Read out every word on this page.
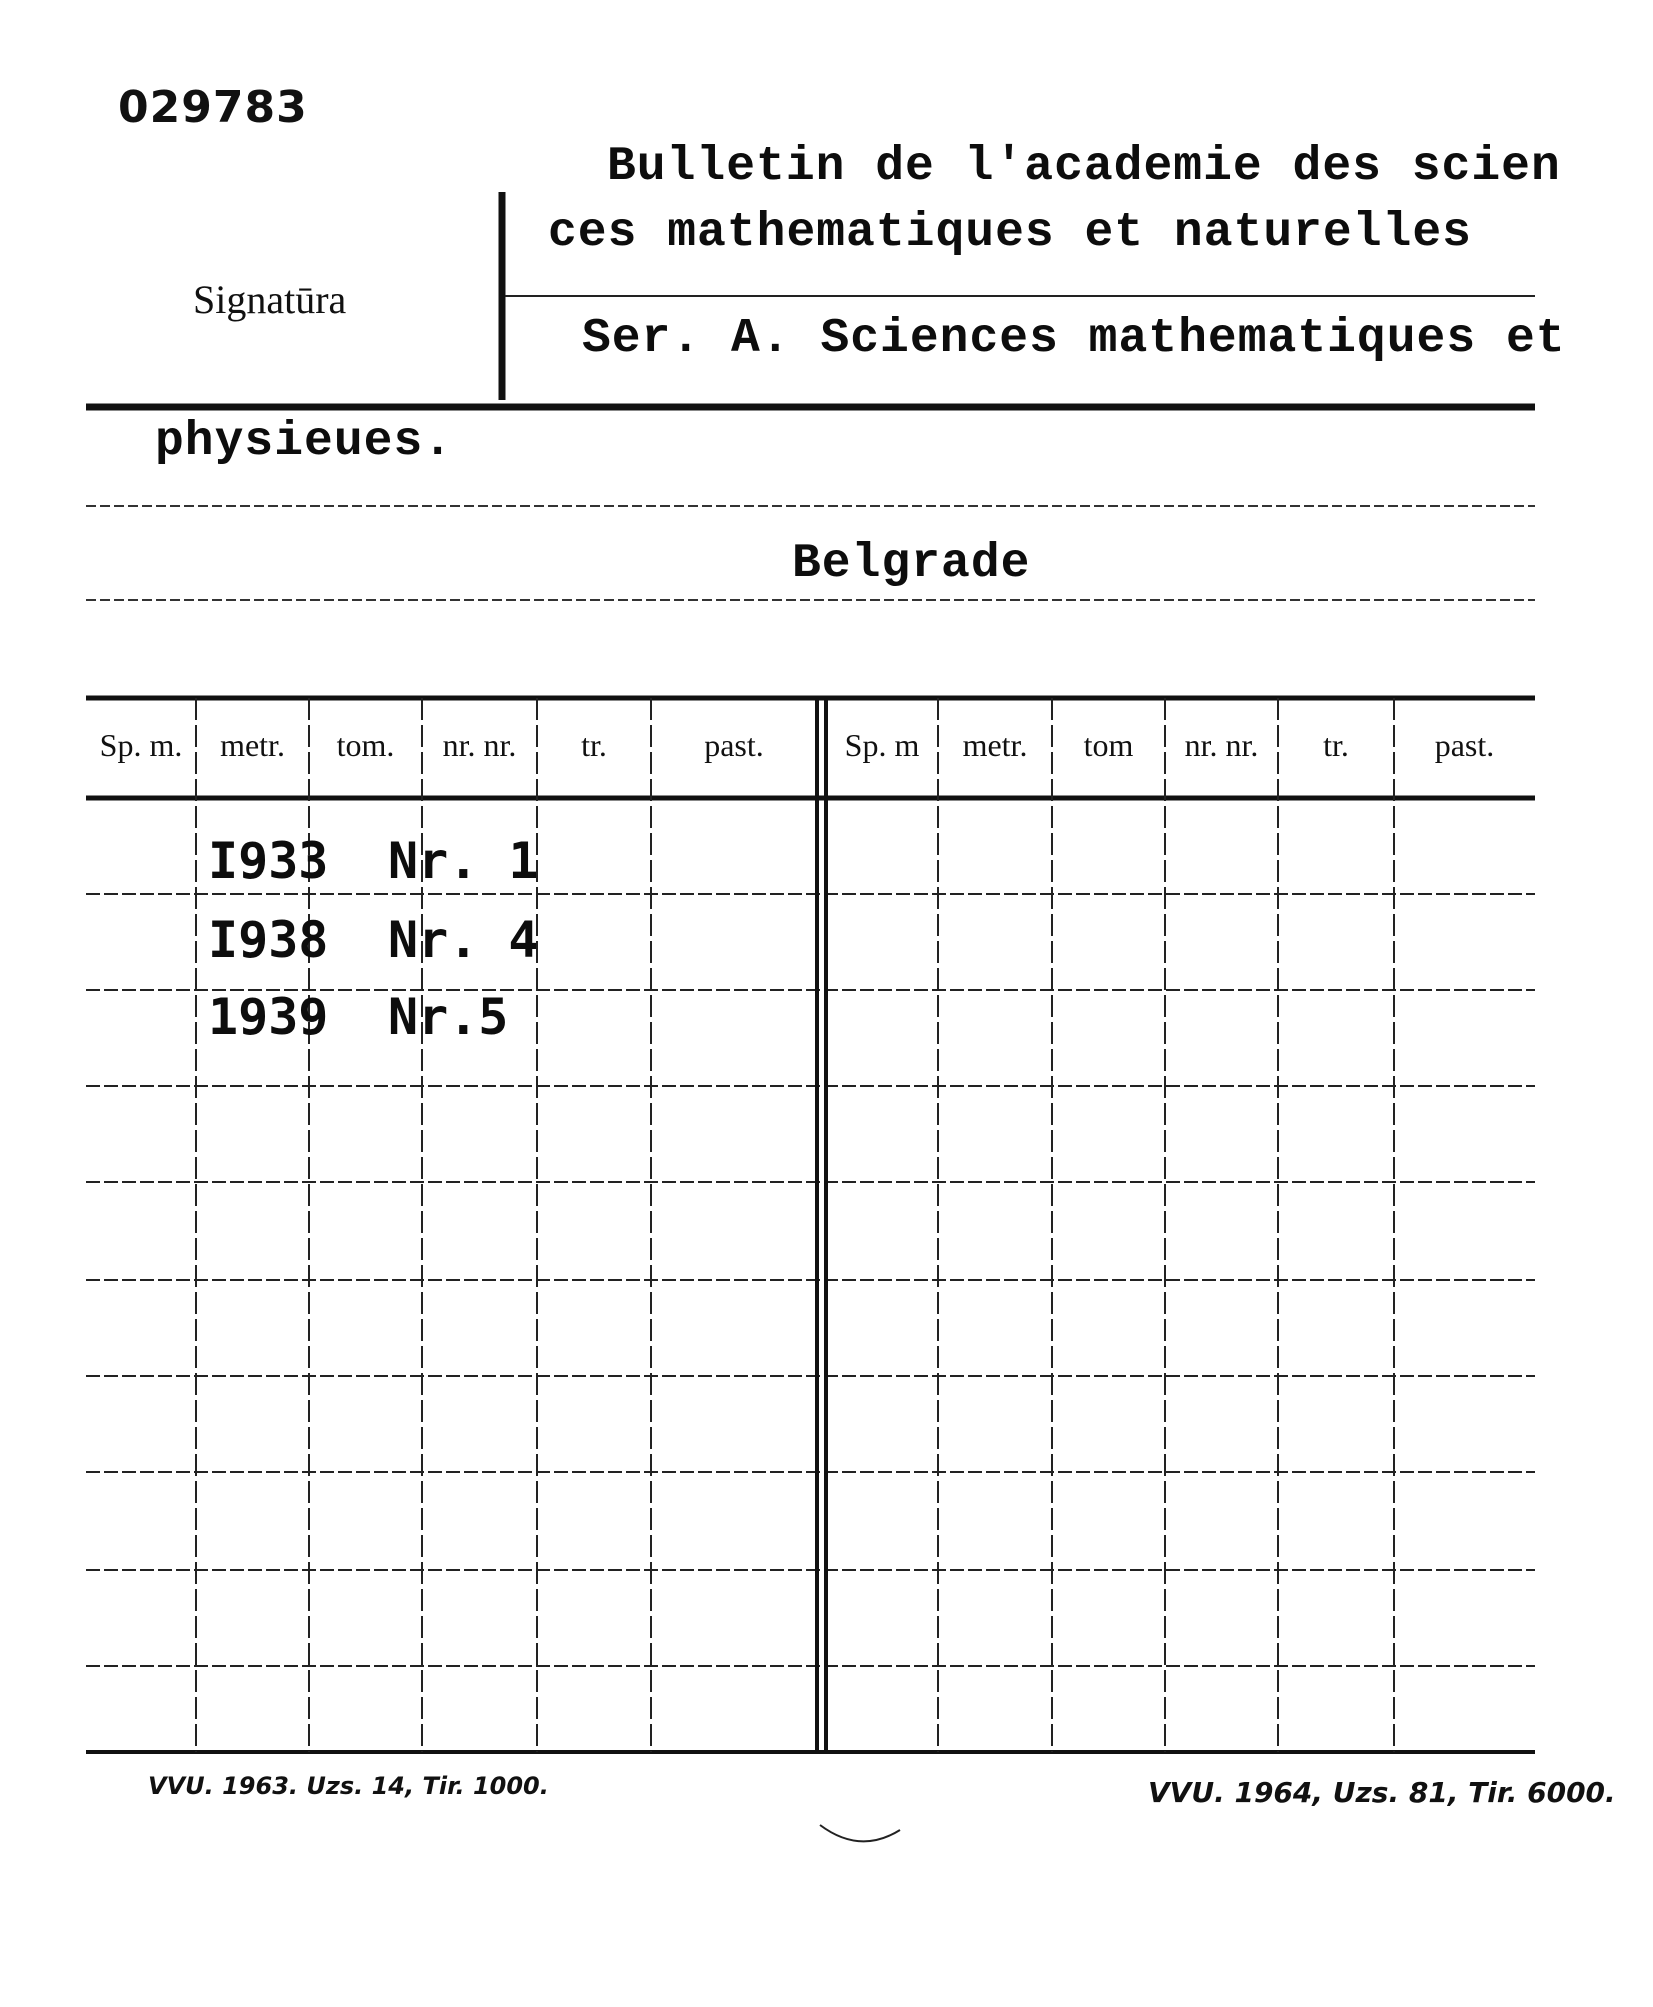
029783
Signatūra
Bulletin de l'academie des scien
ces mathematiques et naturelles
Ser. A. Sciences mathematiques et
physieues.
Belgrade
Sp. m.	metr.	tom.	nr. nr.	tr.	past.	Sp. m	metr.	tom	nr. nr.	tr.	past.
I933 Nr. 1
I938 Nr. 4
1939 Nr.5
VVU. 1963. Uzs. 14, Tir. 1000.	VVU. 1964, Uzs. 81, Tir. 6000.
